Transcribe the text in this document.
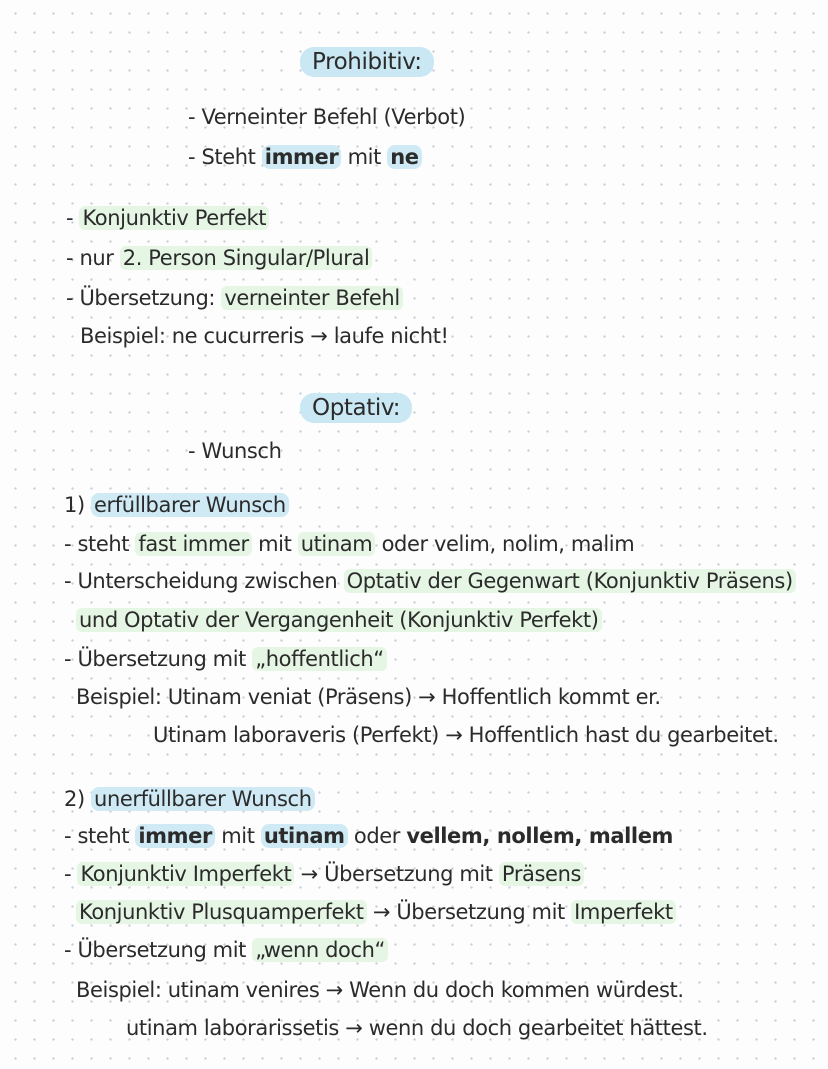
Prohibitiv:
- Verneinter Befehl (Verbot)
- Steht immer mit ne
- Konjunktiv Perfekt
- nur 2. Person Singular/Plural
- Übersetzung: verneinter Befehl
Beispiel: ne cucurreris → laufe nicht!
Optativ:
- Wunsch
1) erfüllbarer Wunsch
- steht fast immer mit utinam oder velim, nolim, malim
- Unterscheidung zwischen Optativ der Gegenwart (Konjunktiv Präsens)
und Optativ der Vergangenheit (Konjunktiv Perfekt)
- Übersetzung mit „hoffentlich“
Beispiel: Utinam veniat (Präsens) → Hoffentlich kommt er.
Utinam laboraveris (Perfekt) → Hoffentlich hast du gearbeitet.
2) unerfüllbarer Wunsch
- steht immer mit utinam oder vellem, nollem, mallem
- Konjunktiv Imperfekt → Übersetzung mit Präsens
Konjunktiv Plusquamperfekt → Übersetzung mit Imperfekt
- Übersetzung mit „wenn doch“
Beispiel: utinam venires → Wenn du doch kommen würdest.
utinam laborarissetis → wenn du doch gearbeitet hättest.
